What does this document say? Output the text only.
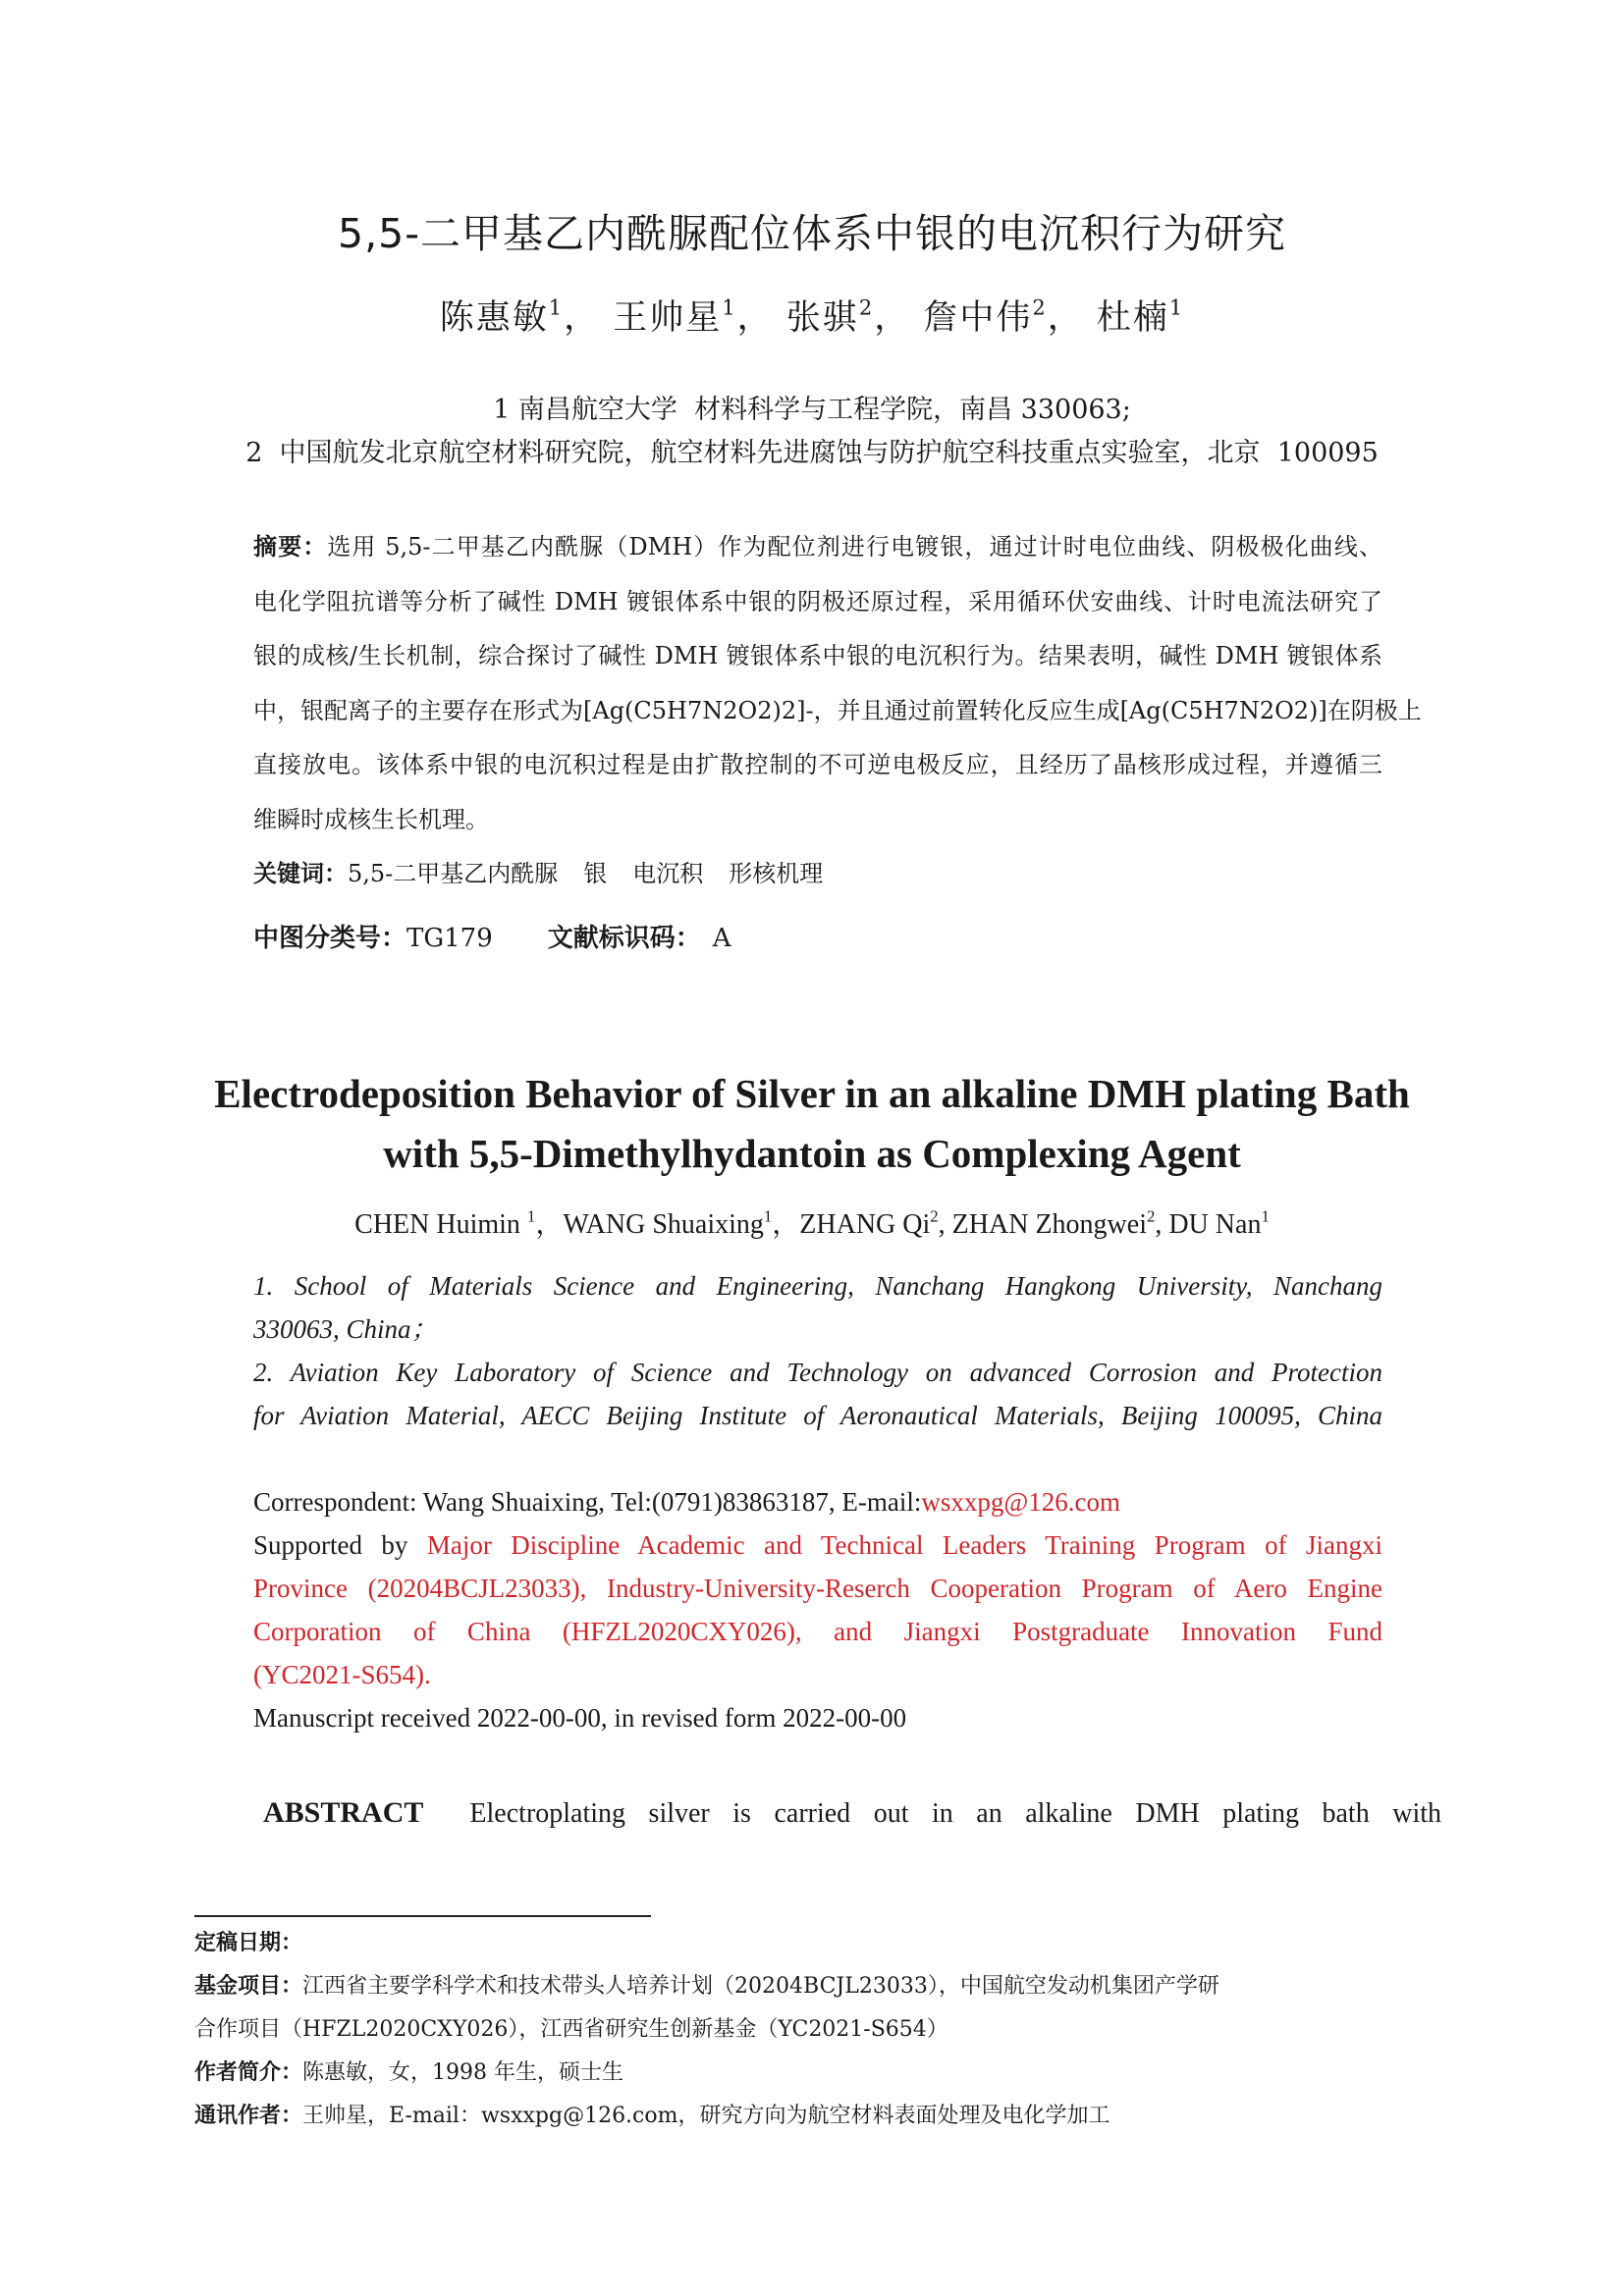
5,5-二甲基乙内酰脲配位体系中银的电沉积行为研究
陈惠敏$^1$， 王帅星$^1$， 张骐$^2$， 詹中伟$^2$， 杜楠$^1$
1 南昌航空大学  材料科学与工程学院，南昌 330063;
2  中国航发北京航空材料研究院，航空材料先进腐蚀与防护航空科技重点实验室，北京  100095
摘要：选用 5,5-二甲基乙内酰脲（DMH）作为配位剂进行电镀银，通过计时电位曲线、阴极极化曲线、
电化学阻抗谱等分析了碱性 DMH 镀银体系中银的阴极还原过程，采用循环伏安曲线、计时电流法研究了
银的成核/生长机制，综合探讨了碱性 DMH 镀银体系中银的电沉积行为。结果表明，碱性 DMH 镀银体系
中，银配离子的主要存在形式为[Ag(C5H7N2O2)2]-，并且通过前置转化反应生成[Ag(C5H7N2O2)]在阴极上
直接放电。该体系中银的电沉积过程是由扩散控制的不可逆电极反应，且经历了晶核形成过程，并遵循三
维瞬时成核生长机理。
关键词：5,5-二甲基乙内酰脲 银 电沉积 形核机理
中图分类号：TG179 文献标识码： A
Electrodeposition Behavior of Silver in an alkaline DMH plating Bath
with 5,5-Dimethylhydantoin as Complexing Agent
CHEN Huimin $^1$，WANG Shuaixing$^1$，ZHANG Qi$^2$, ZHAN Zhongwei$^2$, DU Nan$^1$
1. School of Materials Science and Engineering, Nanchang Hangkong University, Nanchang
330063, China；
2. Aviation Key Laboratory of Science and Technology on advanced Corrosion and Protection
for Aviation Material, AECC Beijing Institute of Aeronautical Materials, Beijing 100095, China
Correspondent: Wang Shuaixing, Tel:(0791)83863187, E-mail:wsxxpg@126.com
Supported by Major Discipline Academic and Technical Leaders Training Program of Jiangxi
Province (20204BCJL23033), Industry-University-Reserch Cooperation Program of Aero Engine
Corporation of China (HFZL2020CXY026), and Jiangxi Postgraduate Innovation Fund
(YC2021-S654).
Manuscript received 2022-00-00, in revised form 2022-00-00
ABSTRACT Electroplating silver is carried out in an alkaline DMH plating bath with
定稿日期：
基金项目：江西省主要学科学术和技术带头人培养计划（20204BCJL23033），中国航空发动机集团产学研
合作项目（HFZL2020CXY026），江西省研究生创新基金（YC2021-S654）
作者简介：陈惠敏，女，1998 年生，硕士生
通讯作者：王帅星，E-mail：wsxxpg@126.com，研究方向为航空材料表面处理及电化学加工
